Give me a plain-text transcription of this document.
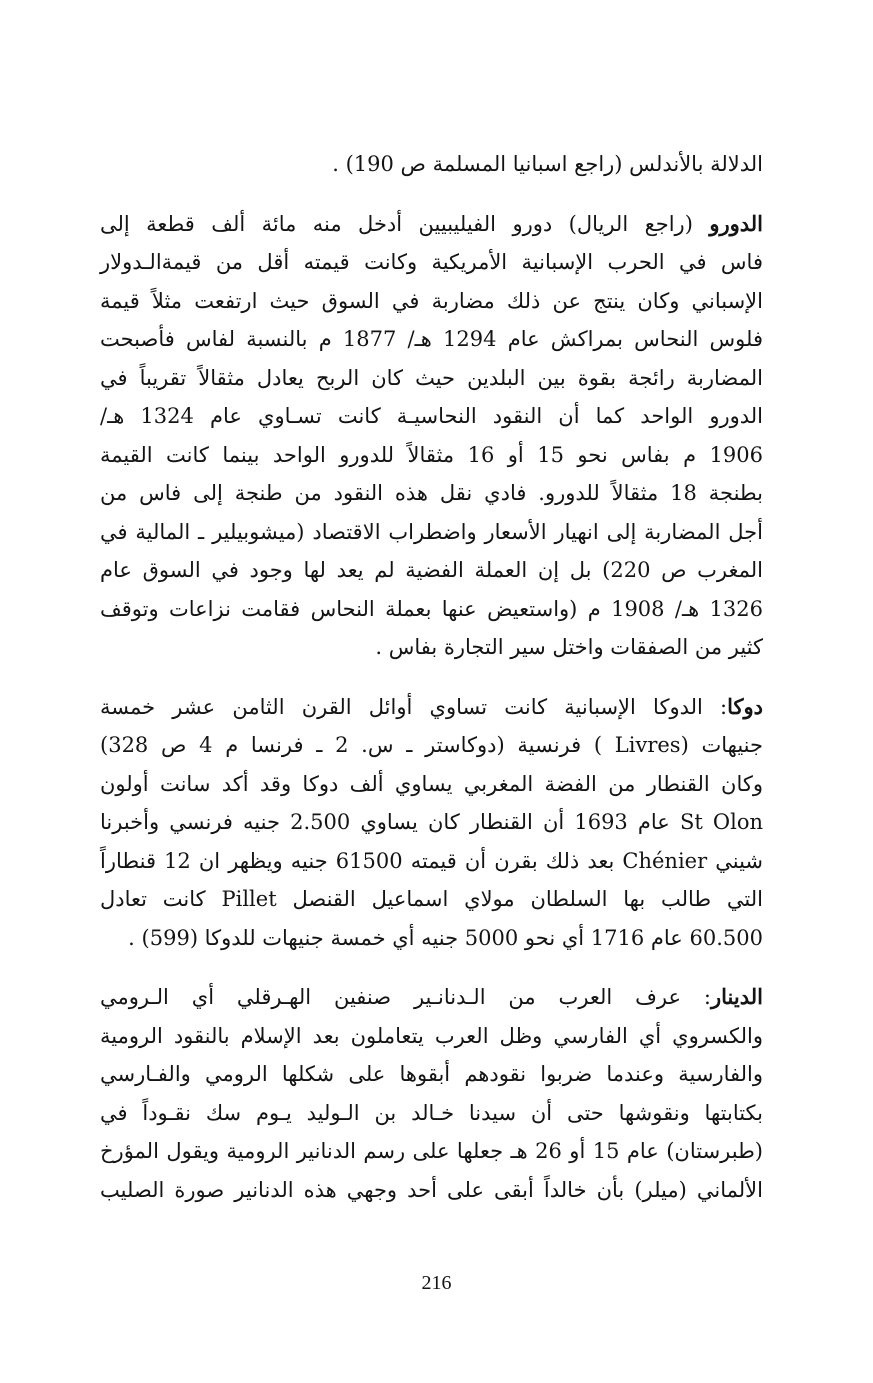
الدلالة بالأندلس (راجع اسبانيا المسلمة ص 190) .
الدورو (راجع الريال) دورو الفيليبيين أدخل منه مائة ألف قطعة إلى
فاس في الحرب الإسبانية الأمريكية وكانت قيمته أقل من قيمةالـدولار
الإسباني وكان ينتج عن ذلك مضاربة في السوق حيث ارتفعت مثلاً قيمة
فلوس النحاس بمراكش عام 1294 هـ/ 1877 م بالنسبة لفاس فأصبحت
المضاربة رائجة بقوة بين البلدين حيث كان الربح يعادل مثقالاً تقريباً في
الدورو الواحد كما أن النقود النحاسيـة كانت تسـاوي عام 1324 هـ/
1906 م بفاس نحو 15 أو 16 مثقالاً للدورو الواحد بينما كانت القيمة
بطنجة 18 مثقالاً للدورو. فادي نقل هذه النقود من طنجة إلى فاس من
أجل المضاربة إلى انهيار الأسعار واضطراب الاقتصاد (ميشوبيلير ـ المالية في
المغرب ص 220) بل إن العملة الفضية لم يعد لها وجود في السوق عام
1326 هـ/ 1908 م (واستعيض عنها بعملة النحاس فقامت نزاعات وتوقف
كثير من الصفقات واختل سير التجارة بفاس .
دوكا: الدوكا الإسبانية كانت تساوي أوائل القرن الثامن عشر خمسة
جنيهات (Livres ) فرنسية (دوكاستر ـ س. 2 ـ فرنسا م 4 ص 328)
وكان القنطار من الفضة المغربي يساوي ألف دوكا وقد أكد سانت أولون
St Olon عام 1693 أن القنطار كان يساوي 2.500 جنيه فرنسي وأخبرنا
شيني Chénier بعد ذلك بقرن أن قيمته 61500 جنيه ويظهر ان 12 قنطاراً
التي طالب بها السلطان مولاي اسماعيل القنصل Pillet كانت تعادل
60.500 عام 1716 أي نحو 5000 جنيه أي خمسة جنيهات للدوكا (599) .
الدينار: عرف العرب من الـدنانـير صنفين الهـرقلي أي الـرومي
والكسروي أي الفارسي وظل العرب يتعاملون بعد الإسلام بالنقود الرومية
والفارسية وعندما ضربوا نقودهم أبقوها على شكلها الرومي والفـارسي
بكتابتها ونقوشها حتى أن سيدنا خـالد بن الـوليد يـوم سك نقـوداً في
(طبرستان) عام 15 أو 26 هـ جعلها على رسم الدنانير الرومية ويقول المؤرخ
الألماني (ميلر) بأن خالداً أبقى على أحد وجهي هذه الدنانير صورة الصليب
216
